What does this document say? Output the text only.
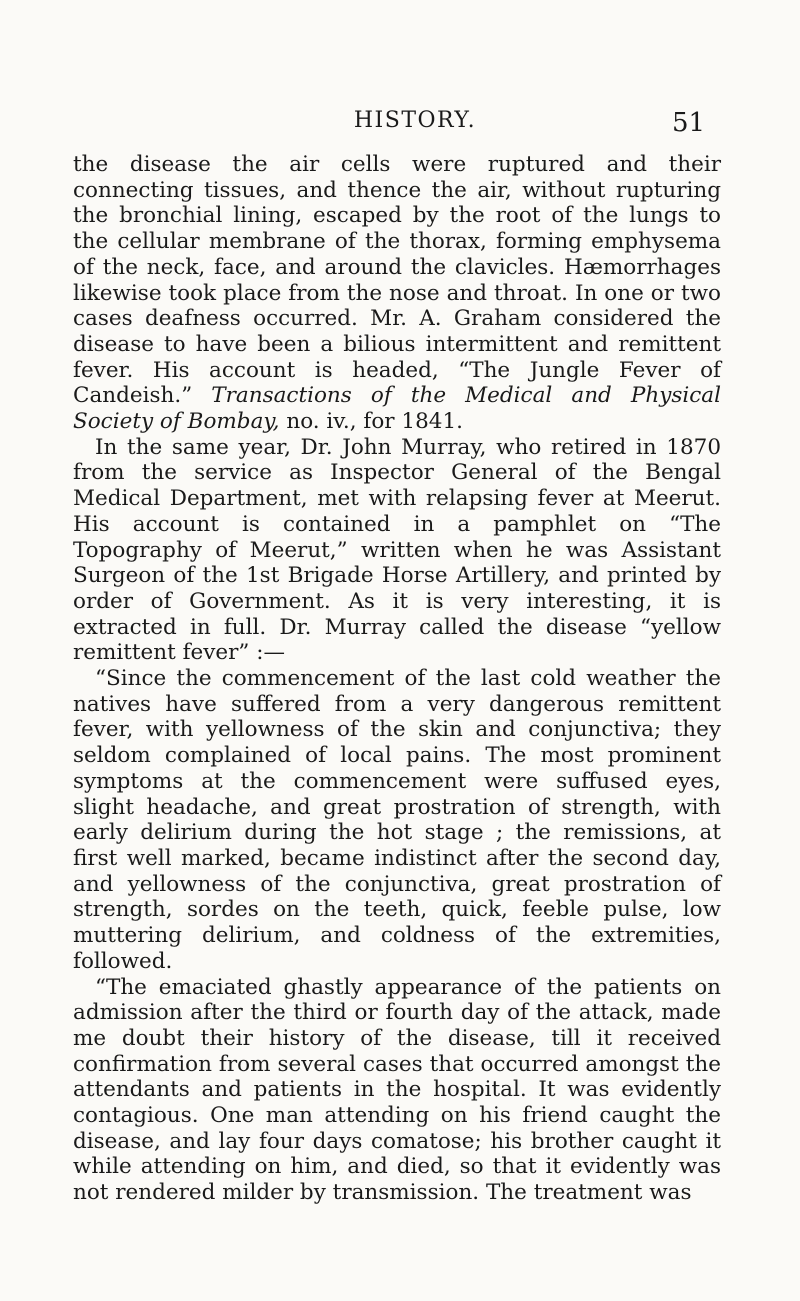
HISTORY.	51

the disease the air cells were ruptured and their connecting tissues, and thence the air, without rupturing the bronchial lining, escaped by the root of the lungs to the cellular membrane of the thorax, forming emphysema of the neck, face, and around the clavicles. Hæmorrhages likewise took place from the nose and throat. In one or two cases deafness occurred. Mr. A. Graham considered the disease to have been a bilious intermittent and remittent fever. His account is headed, “The Jungle Fever of Candeish.” Transactions of the Medical and Physical Society of Bombay, no. iv., for 1841.

In the same year, Dr. John Murray, who retired in 1870 from the service as Inspector General of the Bengal Medical Department, met with relapsing fever at Meerut. His account is contained in a pamphlet on “The Topography of Meerut,” written when he was Assistant Surgeon of the 1st Brigade Horse Artillery, and printed by order of Government. As it is very interesting, it is extracted in full. Dr. Murray called the disease “yellow remittent fever” :—

“Since the commencement of the last cold weather the natives have suffered from a very dangerous remittent fever, with yellowness of the skin and conjunctiva; they seldom complained of local pains. The most prominent symptoms at the commencement were suffused eyes, slight headache, and great prostration of strength, with early delirium during the hot stage ; the remissions, at first well marked, became indistinct after the second day, and yellowness of the conjunctiva, great prostration of strength, sordes on the teeth, quick, feeble pulse, low muttering delirium, and coldness of the extremities, followed.

“The emaciated ghastly appearance of the patients on admission after the third or fourth day of the attack, made me doubt their history of the disease, till it received confirmation from several cases that occurred amongst the attendants and patients in the hospital. It was evidently contagious. One man attending on his friend caught the disease, and lay four days comatose; his brother caught it while attending on him, and died, so that it evidently was not rendered milder by transmission. The treatment was
